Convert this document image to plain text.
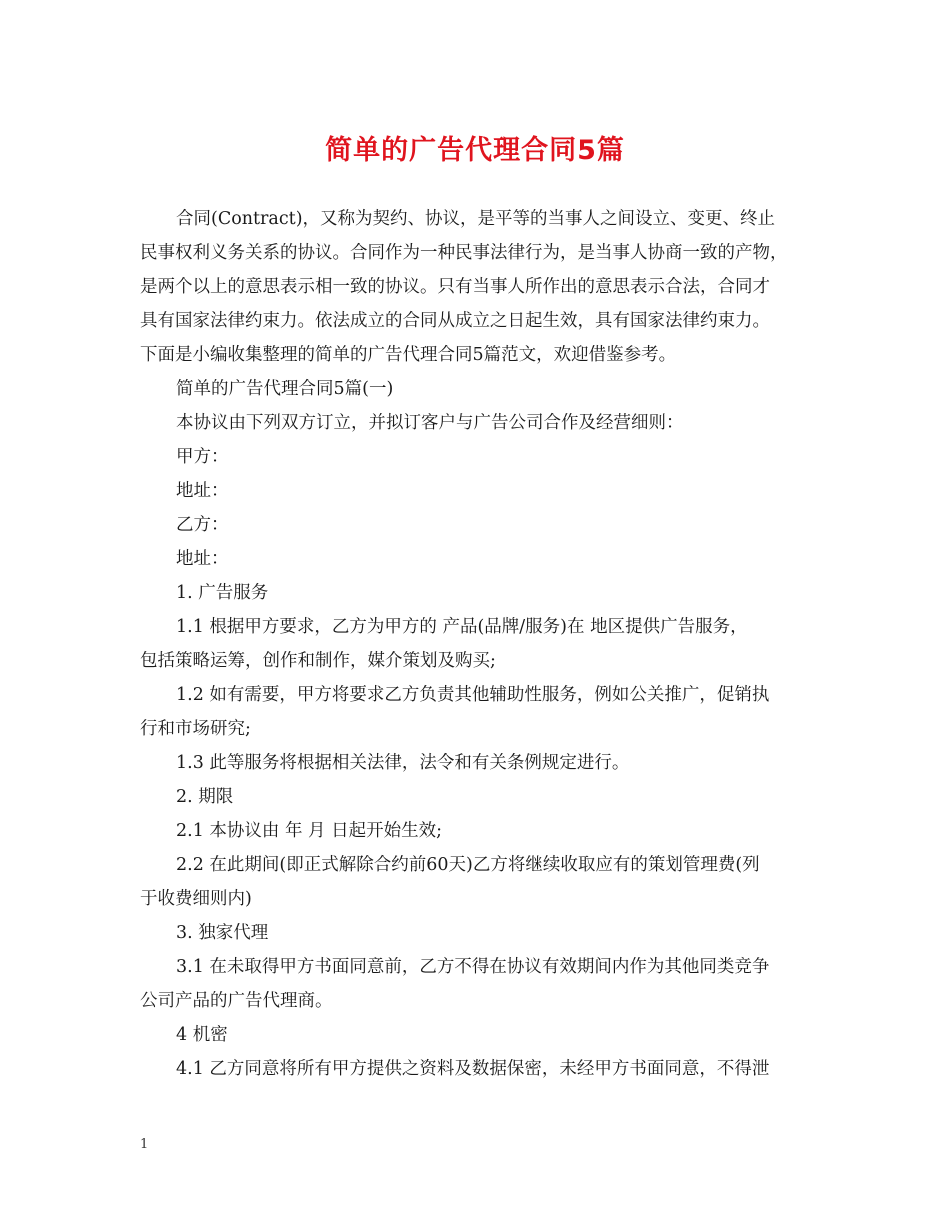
简单的广告代理合同5篇

合同(Contract)，又称为契约、协议，是平等的当事人之间设立、变更、终止

民事权利义务关系的协议。合同作为一种民事法律行为，是当事人协商一致的产物，

是两个以上的意思表示相一致的协议。只有当事人所作出的意思表示合法，合同才

具有国家法律约束力。依法成立的合同从成立之日起生效，具有国家法律约束力。

下面是小编收集整理的简单的广告代理合同5篇范文，欢迎借鉴参考。

简单的广告代理合同5篇(一)

本协议由下列双方订立，并拟订客户与广告公司合作及经营细则：

甲方：

地址：

乙方：

地址：

1. 广告服务

1.1 根据甲方要求，乙方为甲方的 产品(品牌/服务)在 地区提供广告服务，

包括策略运筹，创作和制作，媒介策划及购买;

1.2 如有需要，甲方将要求乙方负责其他辅助性服务，例如公关推广，促销执

行和市场研究;

1.3 此等服务将根据相关法律，法令和有关条例规定进行。

2. 期限

2.1 本协议由 年 月 日起开始生效;

2.2 在此期间(即正式解除合约前60天)乙方将继续收取应有的策划管理费(列

于收费细则内)

3. 独家代理

3.1 在未取得甲方书面同意前，乙方不得在协议有效期间内作为其他同类竞争

公司产品的广告代理商。

4 机密

4.1 乙方同意将所有甲方提供之资料及数据保密，未经甲方书面同意，不得泄

1
